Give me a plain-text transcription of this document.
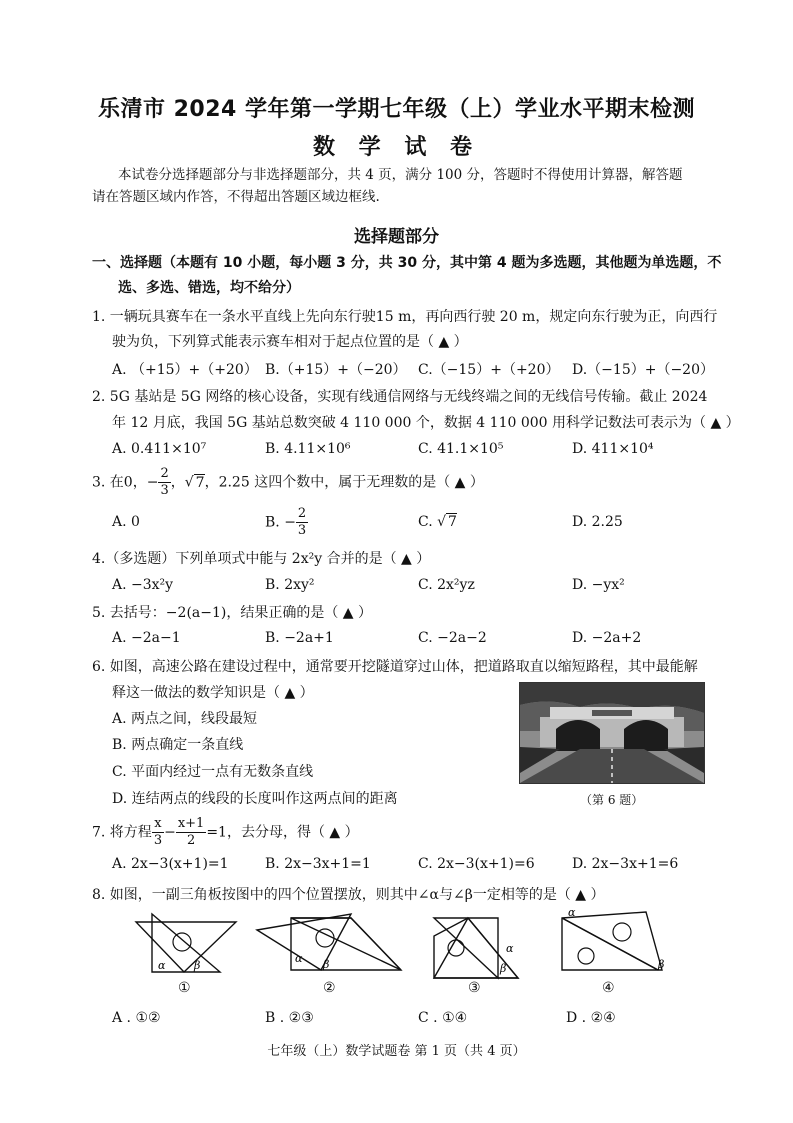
乐清市 2024 学年第一学期七年级（上）学业水平期末检测
数 学 试 卷
本试卷分选择题部分与非选择题部分，共 4 页，满分 100 分，答题时不得使用计算器，解答题
请在答题区域内作答，不得超出答题区域边框线.
选择题部分
一、选择题（本题有 10 小题，每小题 3 分，共 30 分，其中第 4 题为多选题，其他题为单选题，不
选、多选、错选，均不给分）
1. 一辆玩具赛车在一条水平直线上先向东行驶15 m，再向西行驶 20 m，规定向东行驶为正，向西行
驶为负，下列算式能表示赛车相对于起点位置的是（ ▲ ）
A. （+15）+（+20） B.（+15）+（−20） C.（−15）+（+20） D.（−15）+（−20）
2. 5G 基站是 5G 网络的核心设备，实现有线通信网络与无线终端之间的无线信号传输。截止 2024
年 12 月底，我国 5G 基站总数突破 4 110 000 个，数据 4 110 000 用科学记数法可表示为（ ▲ ）
A. 0.411×10⁷	B. 4.11×10⁶	C. 41.1×10⁵	D. 411×10⁴
3. 在0，− $\frac{2}{3}$ ，√ 7，2.25 这四个数中，属于无理数的是（ ▲ ）
A. 0	B. − $\frac{2}{3}$	C. √ 7	D. 2.25
4.（多选题）下列单项式中能与 2x²y 合并的是（ ▲ ）
A. −3x²y	B. 2xy²	C. 2x²yz	D. −yx²
5. 去括号：−2(a−1)，结果正确的是（ ▲ ）
A. −2a−1	B. −2a+1	C. −2a−2	D. −2a+2
6. 如图，高速公路在建设过程中，通常要开挖隧道穿过山体，把道路取直以缩短路程，其中最能解
释这一做法的数学知识是（ ▲ ）
A. 两点之间，线段最短
B. 两点确定一条直线
C. 平面内经过一点有无数条直线
D. 连结两点的线段的长度叫作这两点间的距离	（第 6 题）
7. 将方程 $\frac{x}{3} - \frac{x+1}{2} =1$，去分母，得（ ▲ ）
A. 2x−3(x+1)=1	B. 2x−3x+1=1	C. 2x−3(x+1)=6	D. 2x−3x+1=6
8. 如图，一副三角板按图中的四个位置摆放，则其中∠α与∠β一定相等的是（ ▲ ）
α	β
①
α β
②
α
β
③
α
β
④
A . ①②	B . ②③	C . ①④	D . ②④
七年级（上）数学试题卷 第 1 页（共 4 页）
